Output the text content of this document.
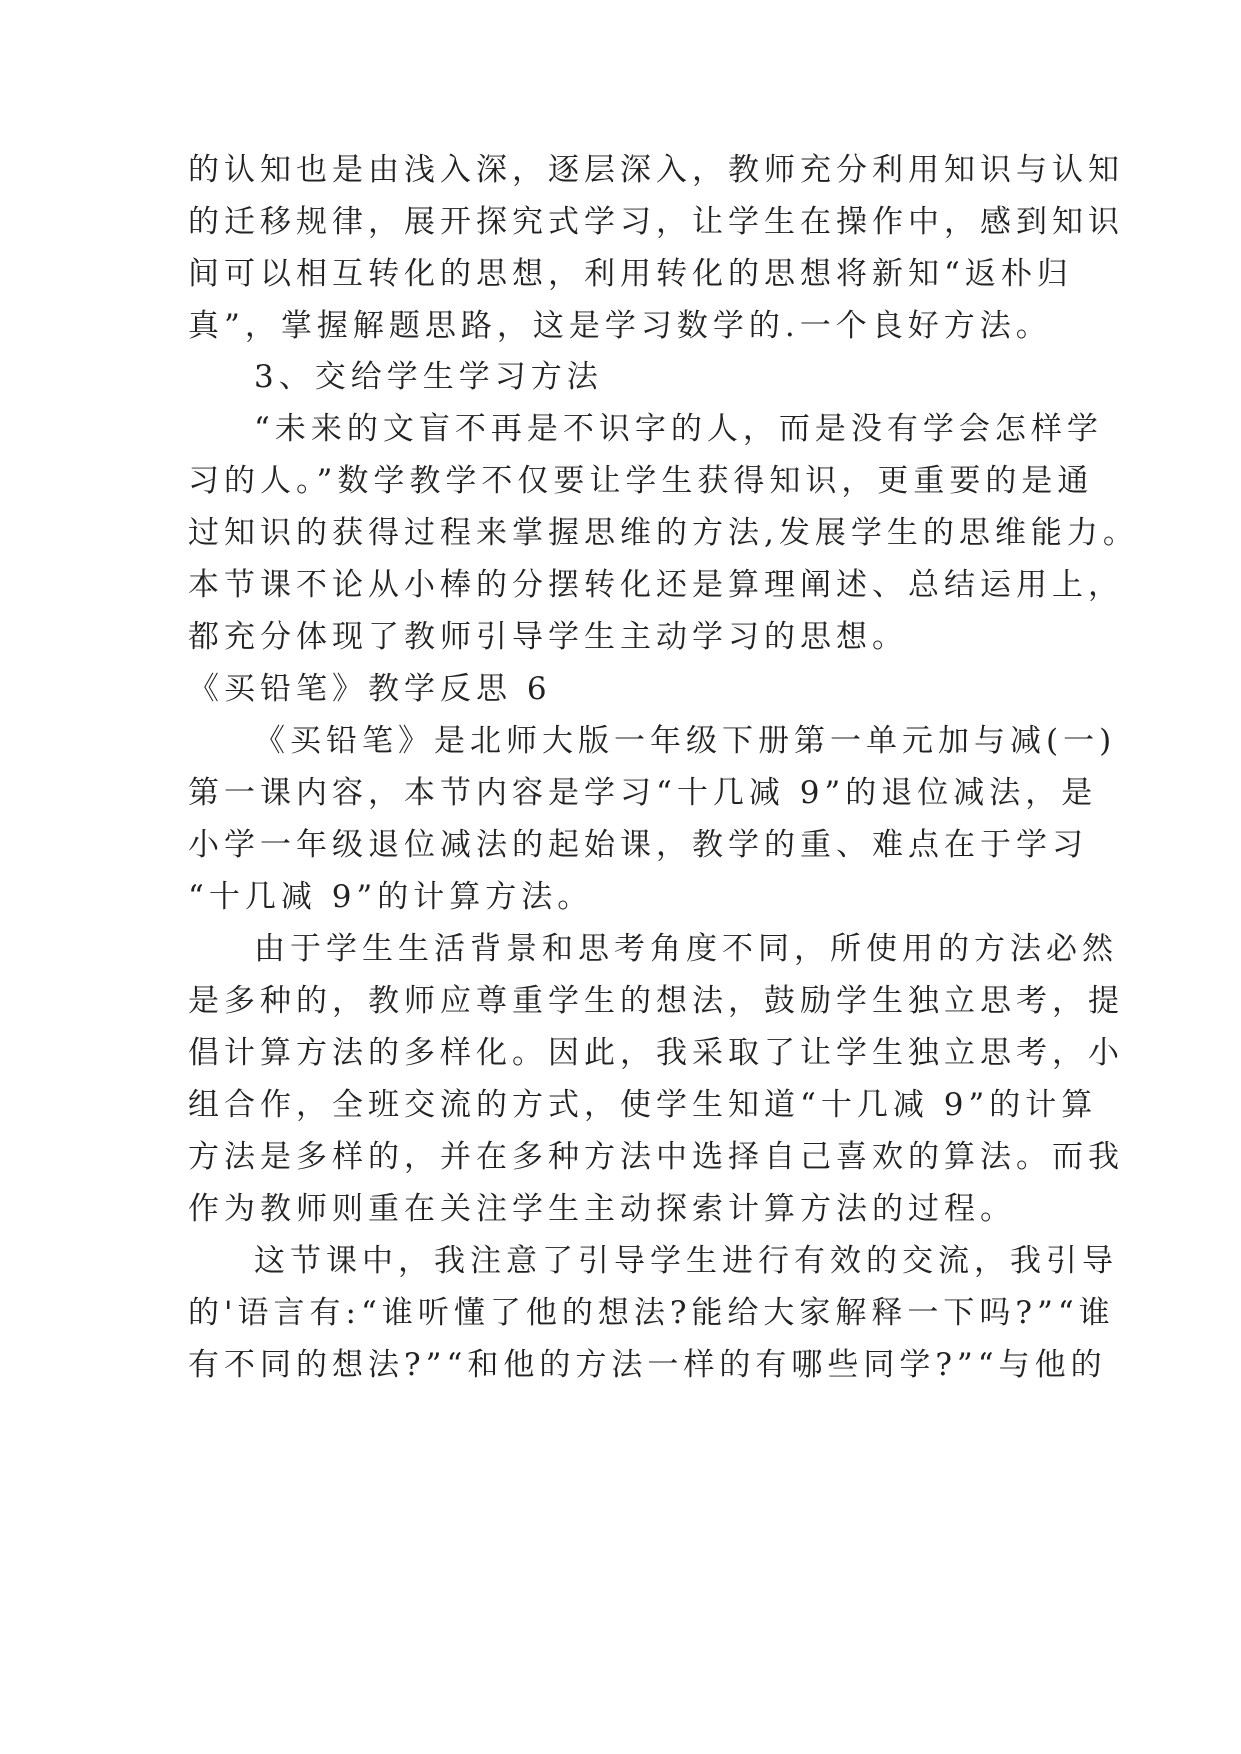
的认知也是由浅入深，逐层深入，教师充分利用知识与认知
的迁移规律，展开探究式学习，让学生在操作中，感到知识
间可以相互转化的思想，利用转化的思想将新知“返朴归
真”，掌握解题思路，这是学习数学的.一个良好方法。
3、交给学生学习方法
“未来的文盲不再是不识字的人，而是没有学会怎样学
习的人。”数学教学不仅要让学生获得知识，更重要的是通
过知识的获得过程来掌握思维的方法,发展学生的思维能力。
本节课不论从小棒的分摆转化还是算理阐述、总结运用上，
都充分体现了教师引导学生主动学习的思想。
《买铅笔》教学反思 6
《买铅笔》是北师大版一年级下册第一单元加与减(一)
第一课内容，本节内容是学习“十几减 9”的退位减法，是
小学一年级退位减法的起始课，教学的重、难点在于学习
“十几减 9”的计算方法。
由于学生生活背景和思考角度不同，所使用的方法必然
是多种的，教师应尊重学生的想法，鼓励学生独立思考，提
倡计算方法的多样化。因此，我采取了让学生独立思考，小
组合作，全班交流的方式，使学生知道“十几减 9”的计算
方法是多样的，并在多种方法中选择自己喜欢的算法。而我
作为教师则重在关注学生主动探索计算方法的过程。
这节课中，我注意了引导学生进行有效的交流，我引导
的'语言有:“谁听懂了他的想法?能给大家解释一下吗?”“谁
有不同的想法?”“和他的方法一样的有哪些同学?”“与他的
